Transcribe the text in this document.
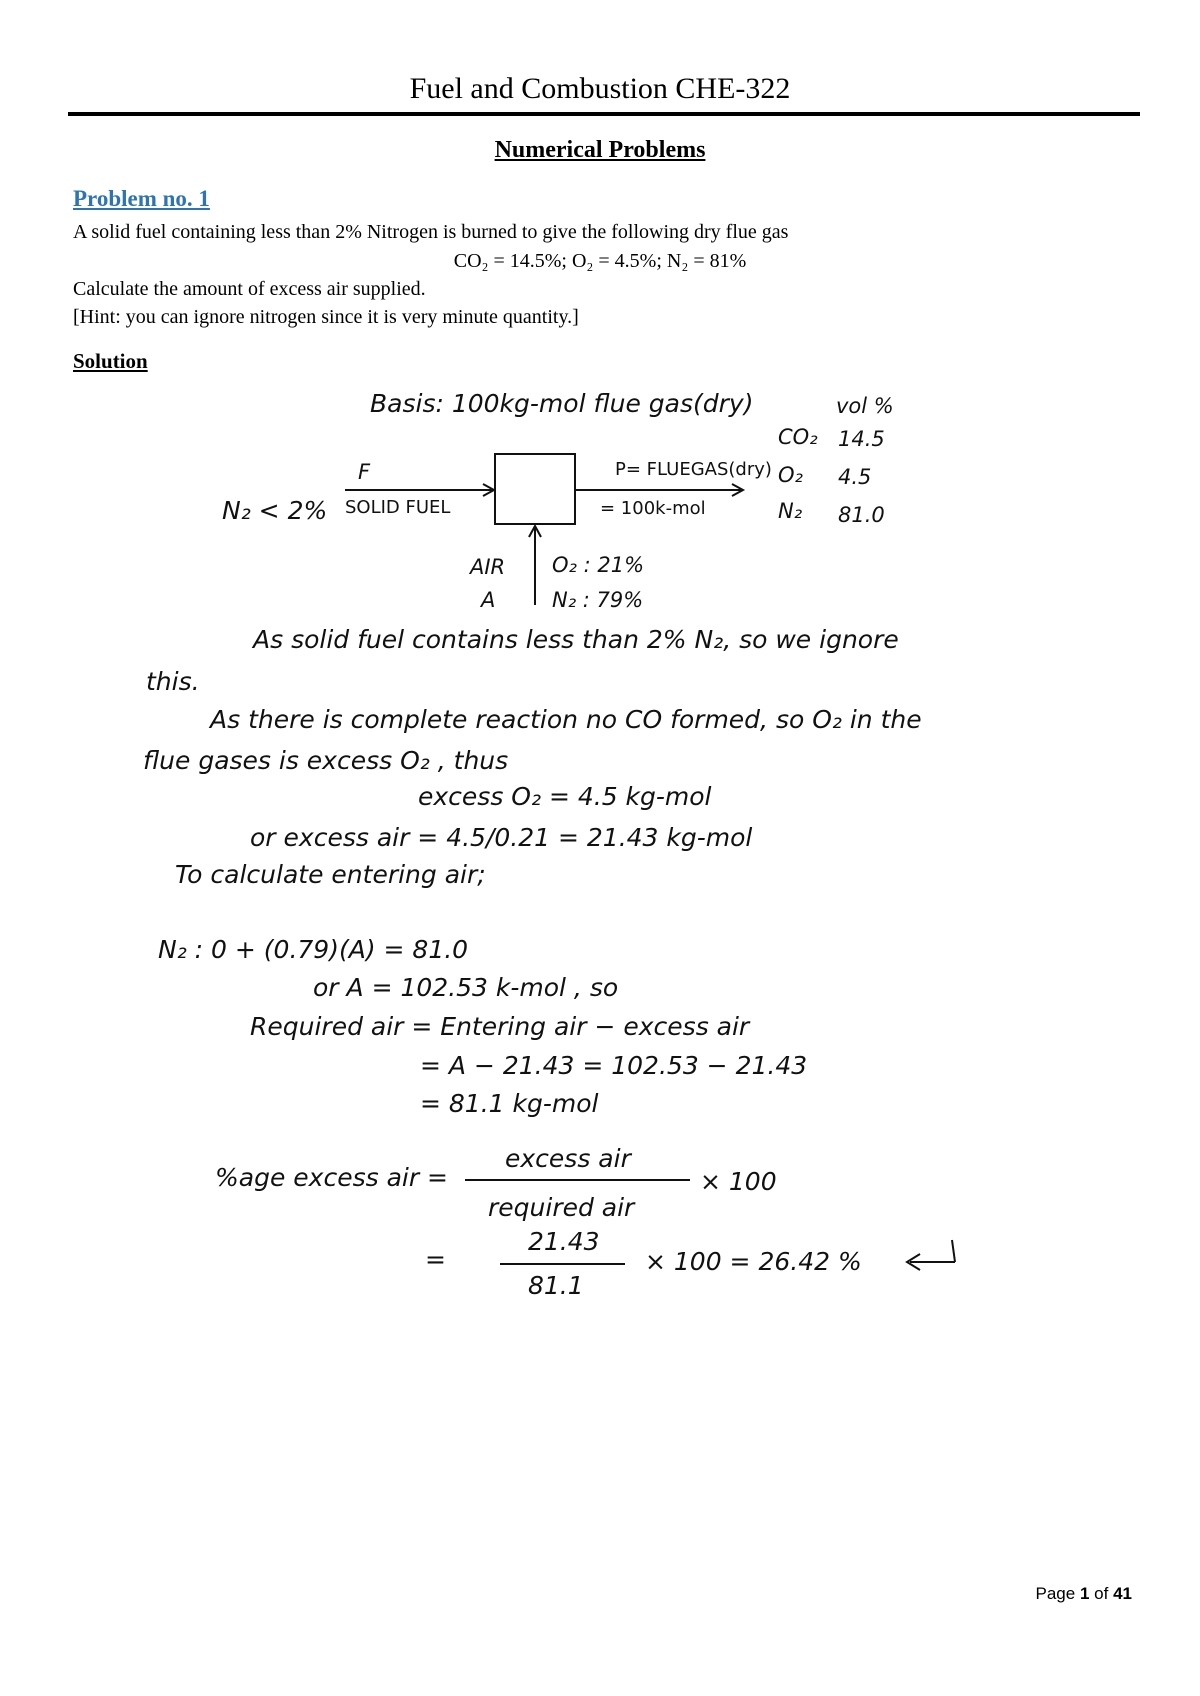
Fuel and Combustion CHE-322
Numerical Problems
Problem no. 1
A solid fuel containing less than 2% Nitrogen is burned to give the following dry flue gas
CO₂ = 14.5%; O₂ = 4.5%; N₂ = 81%
Calculate the amount of excess air supplied.
[Hint: you can ignore nitrogen since it is very minute quantity.]
Solution
Basis: 100kg-mol flue gas(dry)	vol %
CO₂ 14.5
O₂ 4.5
N₂ 81.0
F
SOLID FUEL
N₂ < 2%
P= FLUEGAS(dry)
= 100k-mol
AIR
A
O₂ : 21%
N₂ : 79%
As solid fuel contains less than 2% N₂, so we ignore
this.
As there is complete reaction no CO formed, so O₂ in the
flue gases is excess O₂ , thus
excess O₂ = 4.5 kg-mol
or excess air = 4.5/0.21 = 21.43 kg-mol
To calculate entering air;
N₂ : 0 + (0.79)(A) = 81.0
or A = 102.53 k-mol , so
Required air = Entering air − excess air
= A − 21.43 = 102.53 − 21.43
= 81.1 kg-mol
%age excess air =
excess air
required air
× 100
=
21.43
81.1
× 100 = 26.42 %
Page 1 of 41
